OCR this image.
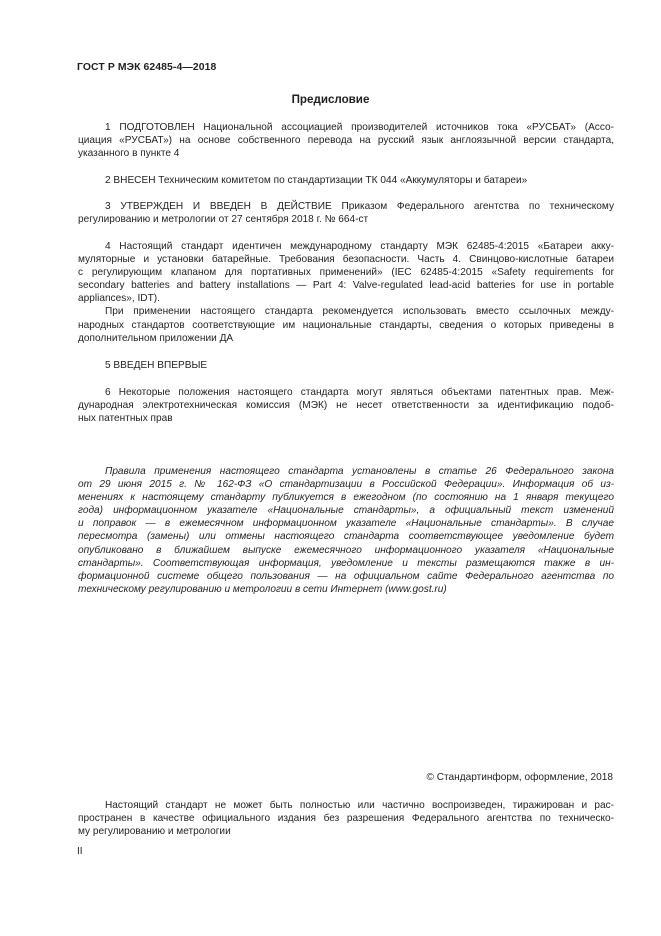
ГОСТ Р МЭК 62485-4—2018
Предисловие
1 ПОДГОТОВЛЕН Национальной ассоциацией производителей источников тока «РУСБАТ» (Ассо-
циация «РУСБАТ») на основе собственного перевода на русский язык англоязычной версии стандарта,
указанного в пункте 4
2 ВНЕСЕН Техническим комитетом по стандартизации ТК 044 «Аккумуляторы и батареи»
3 УТВЕРЖДЕН И ВВЕДЕН В ДЕЙСТВИЕ Приказом Федерального агентства по техническому
регулированию и метрологии от 27 сентября 2018 г. № 664-ст
4 Настоящий стандарт идентичен международному стандарту МЭК 62485-4:2015 «Батареи акку-
муляторные и установки батарейные. Требования безопасности. Часть 4. Свинцово-кислотные батареи
с регулирующим клапаном для портативных применений» (IEC 62485-4:2015 «Safety requirements for
secondary batteries and battery installations — Part 4: Valve-regulated lead-acid batteries for use in portable
appliances», IDT).
При применении настоящего стандарта рекомендуется использовать вместо ссылочных между-
народных стандартов соответствующие им национальные стандарты, сведения о которых приведены в
дополнительном приложении ДА
5 ВВЕДЕН ВПЕРВЫЕ
6 Некоторые положения настоящего стандарта могут являться объектами патентных прав. Меж-
дународная электротехническая комиссия (МЭК) не несет ответственности за идентификацию подоб-
ных патентных прав
Правила применения настоящего стандарта установлены в статье 26 Федерального закона
от 29 июня 2015 г. № 162-ФЗ «О стандартизации в Российской Федерации». Информация об из-
менениях к настоящему стандарту публикуется в ежегодном (по состоянию на 1 января текущего
года) информационном указателе «Национальные стандарты», а официальный текст изменений
и поправок — в ежемесячном информационном указателе «Национальные стандарты». В случае
пересмотра (замены) или отмены настоящего стандарта соответствующее уведомление будет
опубликовано в ближайшем выпуске ежемесячного информационного указателя «Национальные
стандарты». Соответствующая информация, уведомление и тексты размещаются также в ин-
формационной системе общего пользования — на официальном сайте Федерального агентства по
техническому регулированию и метрологии в сети Интернет (www.gost.ru)
© Стандартинформ, оформление, 2018
Настоящий стандарт не может быть полностью или частично воспроизведен, тиражирован и рас-
пространен в качестве официального издания без разрешения Федерального агентства по техническо-
му регулированию и метрологии
II
